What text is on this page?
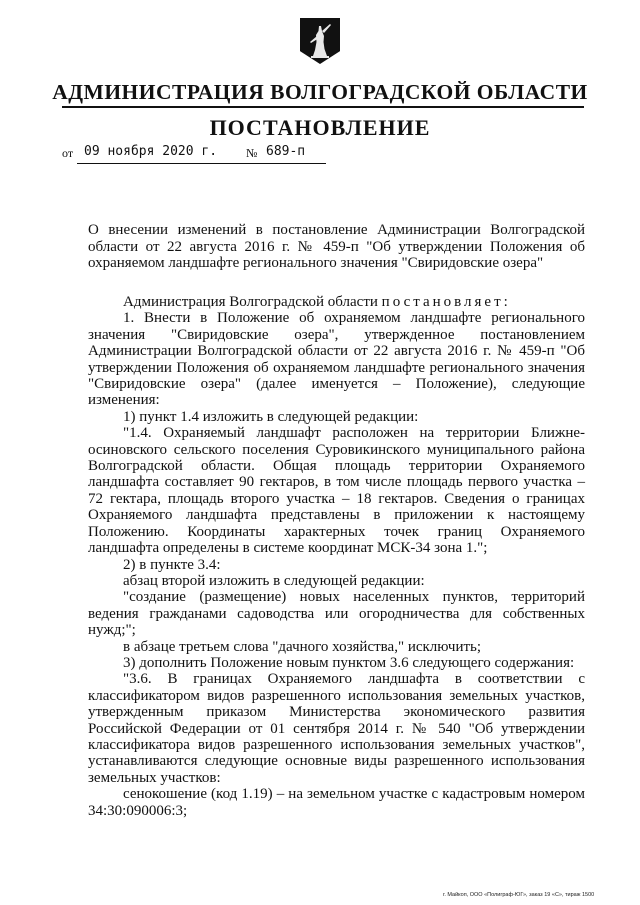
АДМИНИСТРАЦИЯ ВОЛГОГРАДСКОЙ ОБЛАСТИ
ПОСТАНОВЛЕНИЕ
от 09 ноября 2020 г. № 689-п
О внесении изменений в постановление Администрации Волгоградской области от 22 августа 2016 г. № 459-п "Об утверждении Положения об охраняемом ландшафте регионального значения "Свиридовские озера"

Администрация Волгоградской области постановляет:

1. Внести в Положение об охраняемом ландшафте регионального значения "Свиридовские озера", утвержденное постановлением Администрации Волгоградской области от 22 августа 2016 г. № 459-п "Об утверждении Положения об охраняемом ландшафте регионального значения "Свиридовские озера" (далее именуется – Положение), следующие изменения:

1) пункт 1.4 изложить в следующей редакции:

"1.4. Охраняемый ландшафт расположен на территории Ближне-осиновского сельского поселения Суровикинского муниципального района Волгоградской области. Общая площадь территории Охраняемого ландшафта составляет 90 гектаров, в том числе площадь первого участка – 72 гектара, площадь второго участка – 18 гектаров. Сведения о границах Охраняемого ландшафта представлены в приложении к настоящему Положению. Координаты характерных точек границ Охраняемого ландшафта определены в системе координат МСК-34 зона 1.";

2) в пункте 3.4:

абзац второй изложить в следующей редакции:

"создание (размещение) новых населенных пунктов, территорий ведения гражданами садоводства или огородничества для собственных нужд;";

в абзаце третьем слова "дачного хозяйства," исключить;

3) дополнить Положение новым пунктом 3.6 следующего содержания:

"3.6. В границах Охраняемого ландшафта в соответствии с классификатором видов разрешенного использования земельных участков, утвержденным приказом Министерства экономического развития Российской Федерации от 01 сентября 2014 г. № 540 "Об утверждении классификатора видов разрешенного использования земельных участков", устанавливаются следующие основные виды разрешенного использования земельных участков:

сенокошение (код 1.19) – на земельном участке с кадастровым номером 34:30:090006:3;

г. Майкоп, ООО «Полиграф-ЮГ», заказ 19 «С», тираж 1500
